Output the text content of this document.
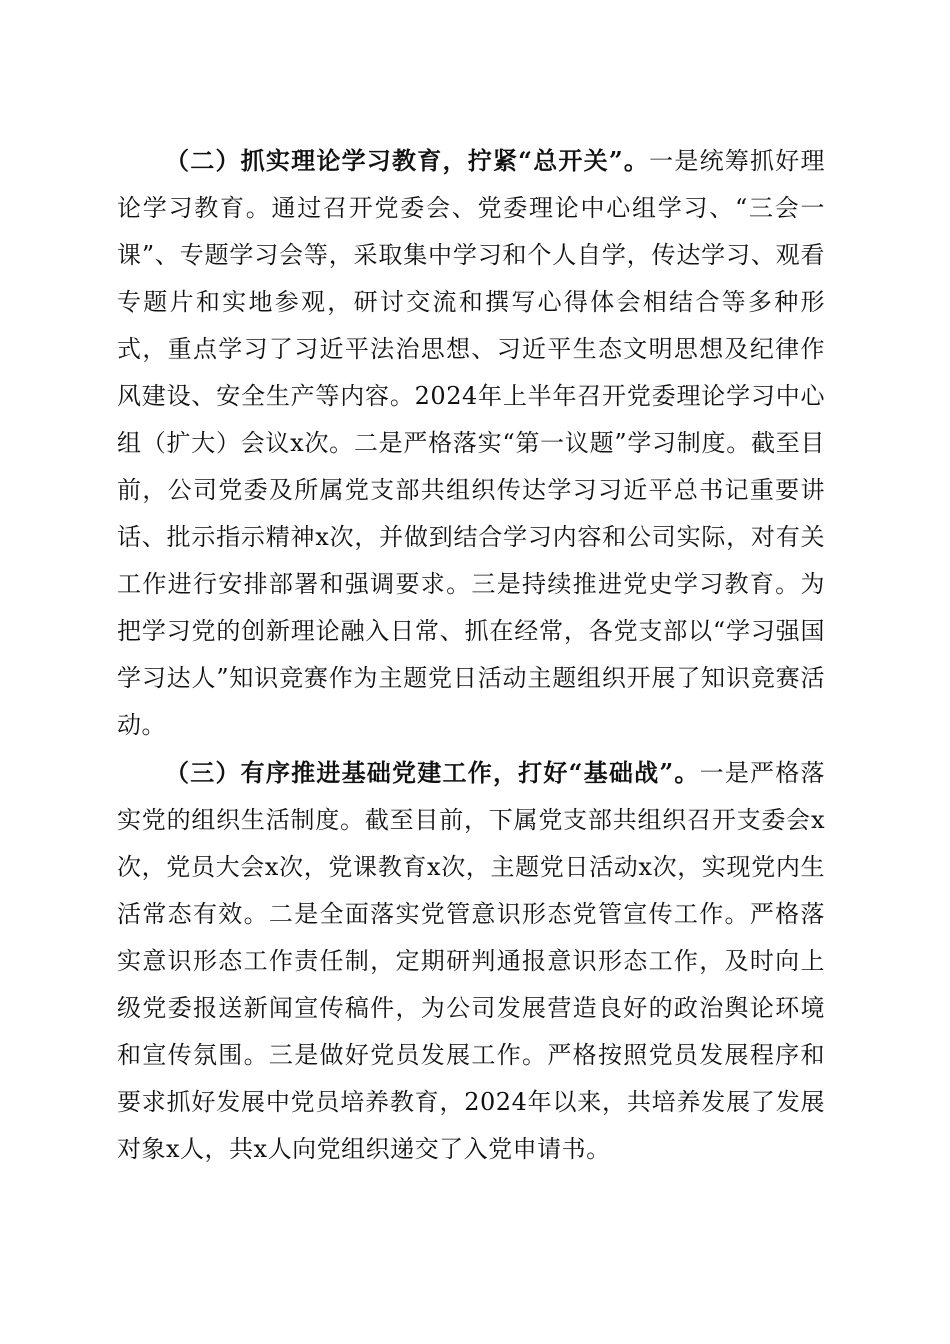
（二）抓实理论学习教育，拧紧“总开关”。一是统筹抓好理论学习教育。通过召开党委会、党委理论中心组学习、“三会一课”、专题学习会等，采取集中学习和个人自学，传达学习、观看专题片和实地参观，研讨交流和撰写心得体会相结合等多种形式，重点学习了习近平法治思想、习近平生态文明思想及纪律作风建设、安全生产等内容。2024年上半年召开党委理论学习中心组（扩大）会议x次。二是严格落实“第一议题”学习制度。截至目前，公司党委及所属党支部共组织传达学习习近平总书记重要讲话、批示指示精神x次，并做到结合学习内容和公司实际，对有关工作进行安排部署和强调要求。三是持续推进党史学习教育。为把学习党的创新理论融入日常、抓在经常，各党支部以“学习强国学习达人”知识竞赛作为主题党日活动主题组织开展了知识竞赛活动。

（三）有序推进基础党建工作，打好“基础战”。一是严格落实党的组织生活制度。截至目前，下属党支部共组织召开支委会x次，党员大会x次，党课教育x次，主题党日活动x次，实现党内生活常态有效。二是全面落实党管意识形态党管宣传工作。严格落实意识形态工作责任制，定期研判通报意识形态工作，及时向上级党委报送新闻宣传稿件，为公司发展营造良好的政治舆论环境和宣传氛围。三是做好党员发展工作。严格按照党员发展程序和要求抓好发展中党员培养教育，2024年以来，共培养发展了发展对象x人，共x人向党组织递交了入党申请书。
